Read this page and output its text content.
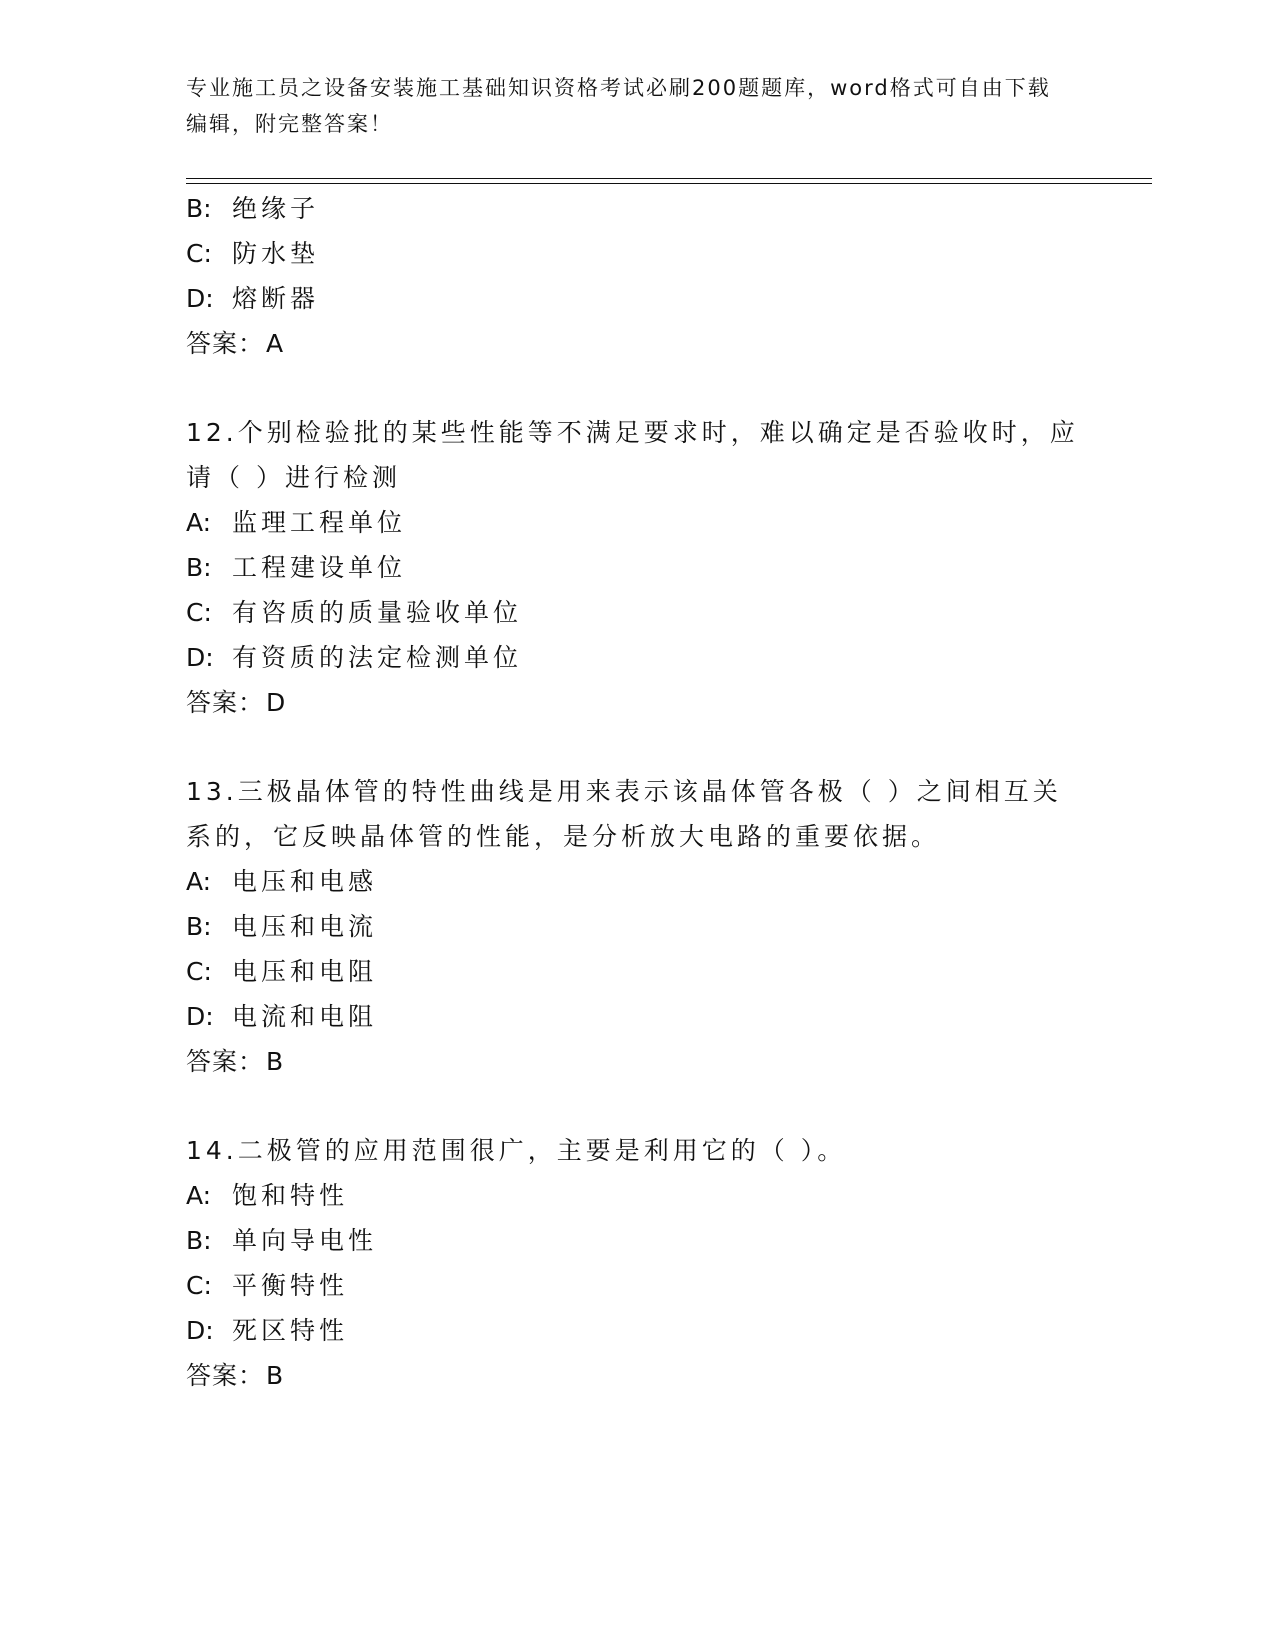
专业施工员之设备安装施工基础知识资格考试必刷200题题库，word格式可自由下载编辑，附完整答案！
B: 绝缘子
C: 防水垫
D: 熔断器
答案：A
12.个别检验批的某些性能等不满足要求时，难以确定是否验收时，应
请（ ）进行检测
A: 监理工程单位
B: 工程建设单位
C: 有咨质的质量验收单位
D: 有资质的法定检测单位
答案：D
13.三极晶体管的特性曲线是用来表示该晶体管各极（ ）之间相互关
系的，它反映晶体管的性能，是分析放大电路的重要依据。
A: 电压和电感
B: 电压和电流
C: 电压和电阻
D: 电流和电阻
答案：B
14.二极管的应用范围很广，主要是利用它的（ ）。
A: 饱和特性
B: 单向导电性
C: 平衡特性
D: 死区特性
答案：B
